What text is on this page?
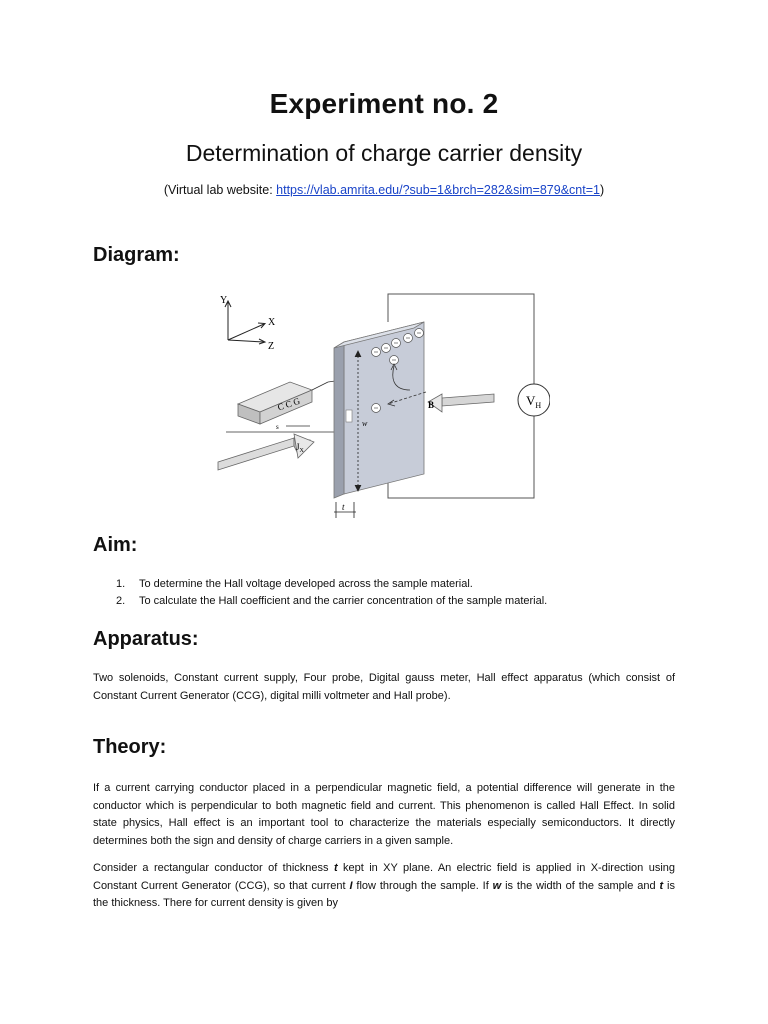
Experiment no. 2
Determination of charge carrier density
(Virtual lab website: https://vlab.amrita.edu/?sub=1&brch=282&sim=879&cnt=1)
Diagram:
Y
X
Z
$V_H$
C C G
s
$J_X$
w
t
B
Aim:
1. To determine the Hall voltage developed across the sample material.
2. To calculate the Hall coefficient and the carrier concentration of the sample material.
Apparatus:

Two solenoids, Constant current supply, Four probe, Digital gauss meter, Hall effect apparatus (which consist of Constant Current Generator (CCG), digital milli voltmeter and Hall probe).

Theory:

If a current carrying conductor placed in a perpendicular magnetic field, a potential difference will generate in the conductor which is perpendicular to both magnetic field and current. This phenomenon is called Hall Effect. In solid state physics, Hall effect is an important tool to characterize the materials especially semiconductors. It directly determines both the sign and density of charge carriers in a given sample.

Consider a rectangular conductor of thickness t kept in XY plane. An electric field is applied in X-direction using Constant Current Generator (CCG), so that current I flow through the sample. If w is the width of the sample and t is the thickness. There for current density is given by
